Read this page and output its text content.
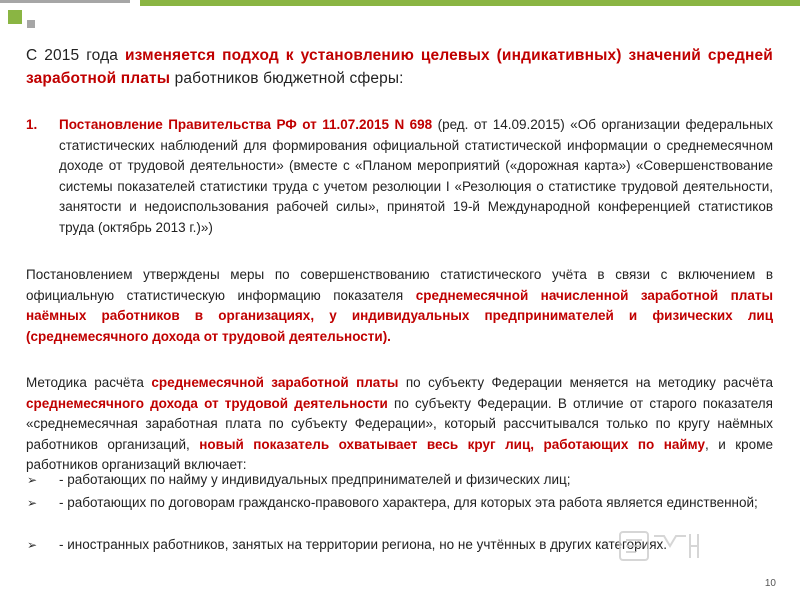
С 2015 года изменяется подход к установлению целевых (индикативных) значений средней заработной платы работников бюджетной сферы:
1. Постановление Правительства РФ от 11.07.2015 N 698 (ред. от 14.09.2015) «Об организации федеральных статистических наблюдений для формирования официальной статистической информации о среднемесячном доходе от трудовой деятельности» (вместе с «Планом мероприятий («дорожная карта») «Совершенствование системы показателей статистики труда с учетом резолюции I «Резолюция о статистике трудовой деятельности, занятости и недоиспользования рабочей силы», принятой 19-й Международной конференцией статистиков труда (октябрь 2013 г.)»)
Постановлением утверждены меры по совершенствованию статистического учёта в связи с включением в официальную статистическую информацию показателя среднемесячной начисленной заработной платы наёмных работников в организациях, у индивидуальных предпринимателей и физических лиц (среднемесячного дохода от трудовой деятельности).
Методика расчёта среднемесячной заработной платы по субъекту Федерации меняется на методику расчёта среднемесячного дохода от трудовой деятельности по субъекту Федерации. В отличие от старого показателя «среднемесячная заработная плата по субъекту Федерации», который рассчитывался только по кругу наёмных работников организаций, новый показатель охватывает весь круг лиц, работающих по найму, и кроме работников организаций включает:
➢ - работающих по найму у индивидуальных предпринимателей и физических лиц;
➢ - работающих по договорам гражданско-правового характера, для которых эта работа является единственной;
➢ - иностранных работников, занятых на территории региона, но не учтённых в других категориях.
10
